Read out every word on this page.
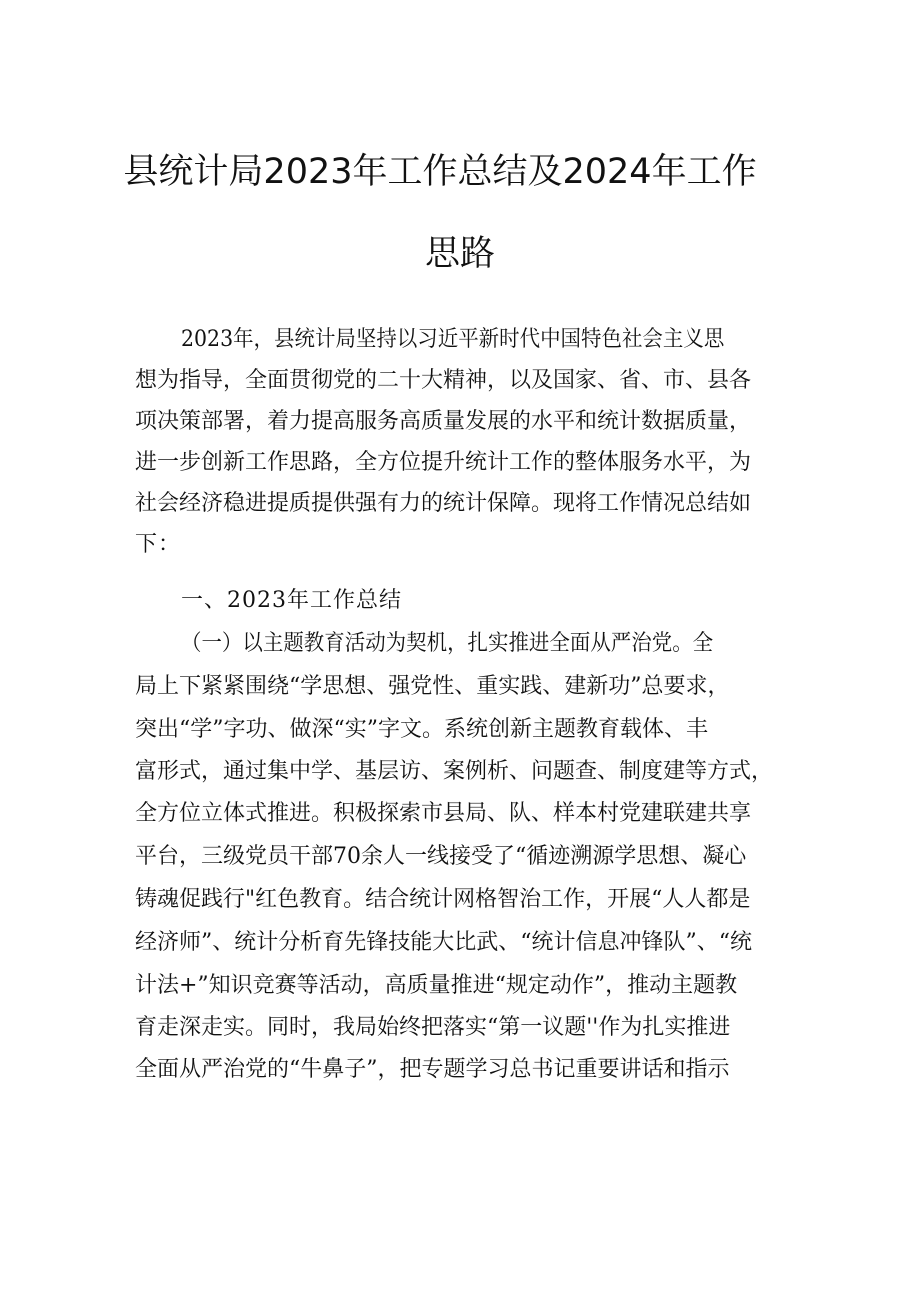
县统计局2023年工作总结及2024年工作
思路
2023年，县统计局坚持以习近平新时代中国特色社会主义思
想为指导，全面贯彻党的二十大精神，以及国家、省、市、县各
项决策部署，着力提高服务高质量发展的水平和统计数据质量，
进一步创新工作思路，全方位提升统计工作的整体服务水平，为
社会经济稳进提质提供强有力的统计保障。现将工作情况总结如
下：
一、2023年工作总结
（一）以主题教育活动为契机，扎实推进全面从严治党。全
局上下紧紧围绕“学思想、强党性、重实践、建新功”总要求，
突出“学”字功、做深“实”字文。系统创新主题教育载体、丰
富形式，通过集中学、基层访、案例析、问题查、制度建等方式，
全方位立体式推进。积极探索市县局、队、样本村党建联建共享
平台，三级党员干部70余人一线接受了“循迹溯源学思想、凝心
铸魂促践行"红色教育。结合统计网格智治工作，开展“人人都是
经济师”、统计分析育先锋技能大比武、“统计信息冲锋队”、“统
计法+”知识竞赛等活动，高质量推进“规定动作”，推动主题教
育走深走实。同时，我局始终把落实“第一议题''作为扎实推进
全面从严治党的“牛鼻子”，把专题学习总书记重要讲话和指示
